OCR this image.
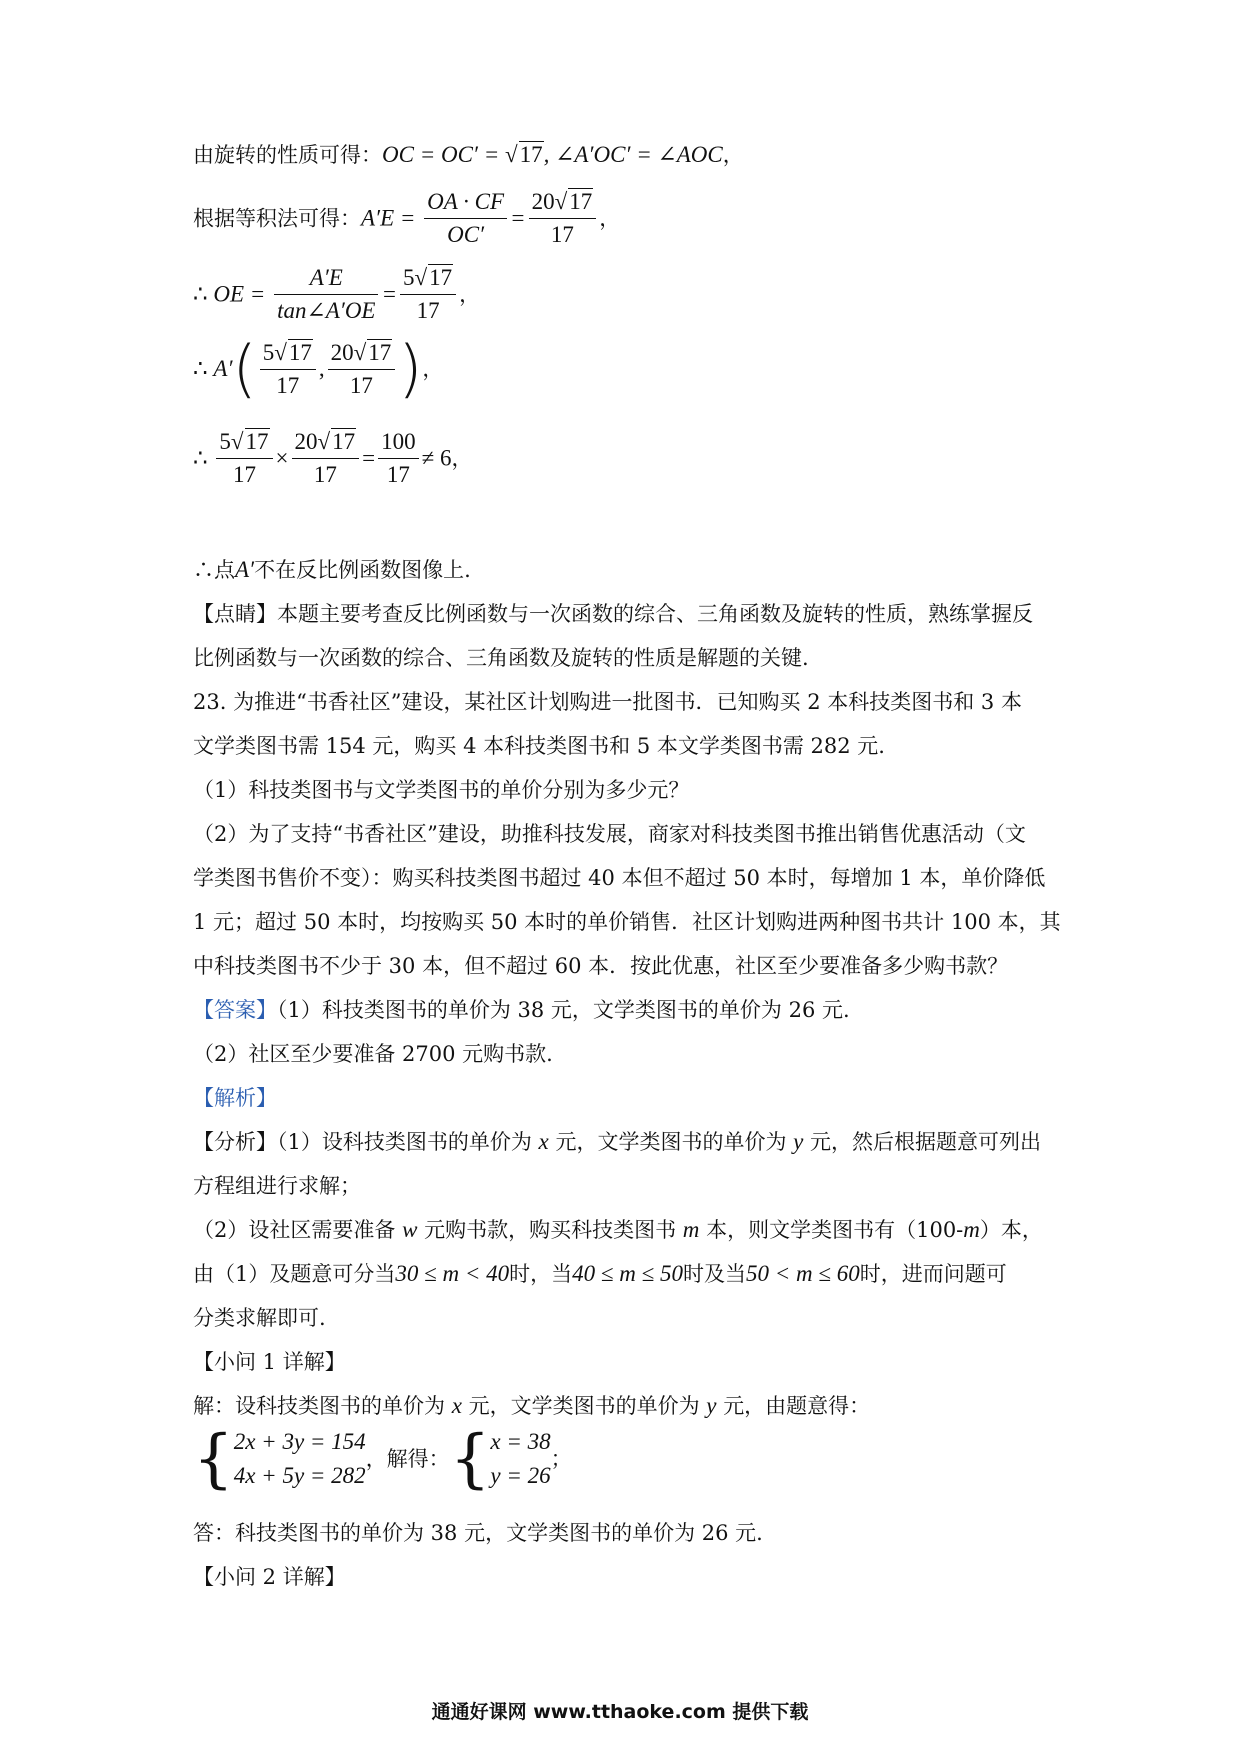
由旋转的性质可得：OC = OC′ = √17, ∠A′OC′ = ∠AOC，
根据等积法可得：$A'E = \frac{OA \cdot CF}{OC'} = \frac{20√17}{17}$ ，
∴ OE = $\frac{A'E}{\tan\angle A'OE} = \frac{5√17}{17}$ ，
∴ $A'( \frac{5√17}{17}$ , $\frac{20√17}{17}$ )，
∴ $\frac{5√17}{17} \times \frac{20√17}{17} = \frac{100}{17} \ne 6$，
∴点A′不在反比例函数图像上.
【点睛】本题主要考查反比例函数与一次函数的综合、三角函数及旋转的性质，熟练掌握反
比例函数与一次函数的综合、三角函数及旋转的性质是解题的关键.
23. 为推进“书香社区”建设，某社区计划购进一批图书．已知购买 2 本科技类图书和 3 本
文学类图书需 154 元，购买 4 本科技类图书和 5 本文学类图书需 282 元.
（1）科技类图书与文学类图书的单价分别为多少元？
（2）为了支持“书香社区”建设，助推科技发展，商家对科技类图书推出销售优惠活动（文
学类图书售价不变）：购买科技类图书超过 40 本但不超过 50 本时，每增加 1 本，单价降低
1 元；超过 50 本时，均按购买 50 本时的单价销售．社区计划购进两种图书共计 100 本，其
中科技类图书不少于 30 本，但不超过 60 本．按此优惠，社区至少要准备多少购书款？
【答案】（1）科技类图书的单价为 38 元，文学类图书的单价为 26 元.
（2）社区至少要准备 2700 元购书款.
【解析】
【分析】（1）设科技类图书的单价为 x 元，文学类图书的单价为 y 元，然后根据题意可列出
方程组进行求解；
（2）设社区需要准备 w 元购书款，购买科技类图书 m 本，则文学类图书有（100-m）本，
由（1）及题意可分当30 ≤ m < 40时，当40 ≤ m ≤ 50时及当50 < m ≤ 60时，进而问题可
分类求解即可.
【小问 1 详解】
解：设科技类图书的单价为 x 元，文学类图书的单价为 y 元，由题意得：
{ 2x + 3y = 154
4x + 5y = 282
，解得：{ x = 38
y = 26
；
答：科技类图书的单价为 38 元，文学类图书的单价为 26 元.
【小问 2 详解】
通通好课网 www.tthaoke.com 提供下载
